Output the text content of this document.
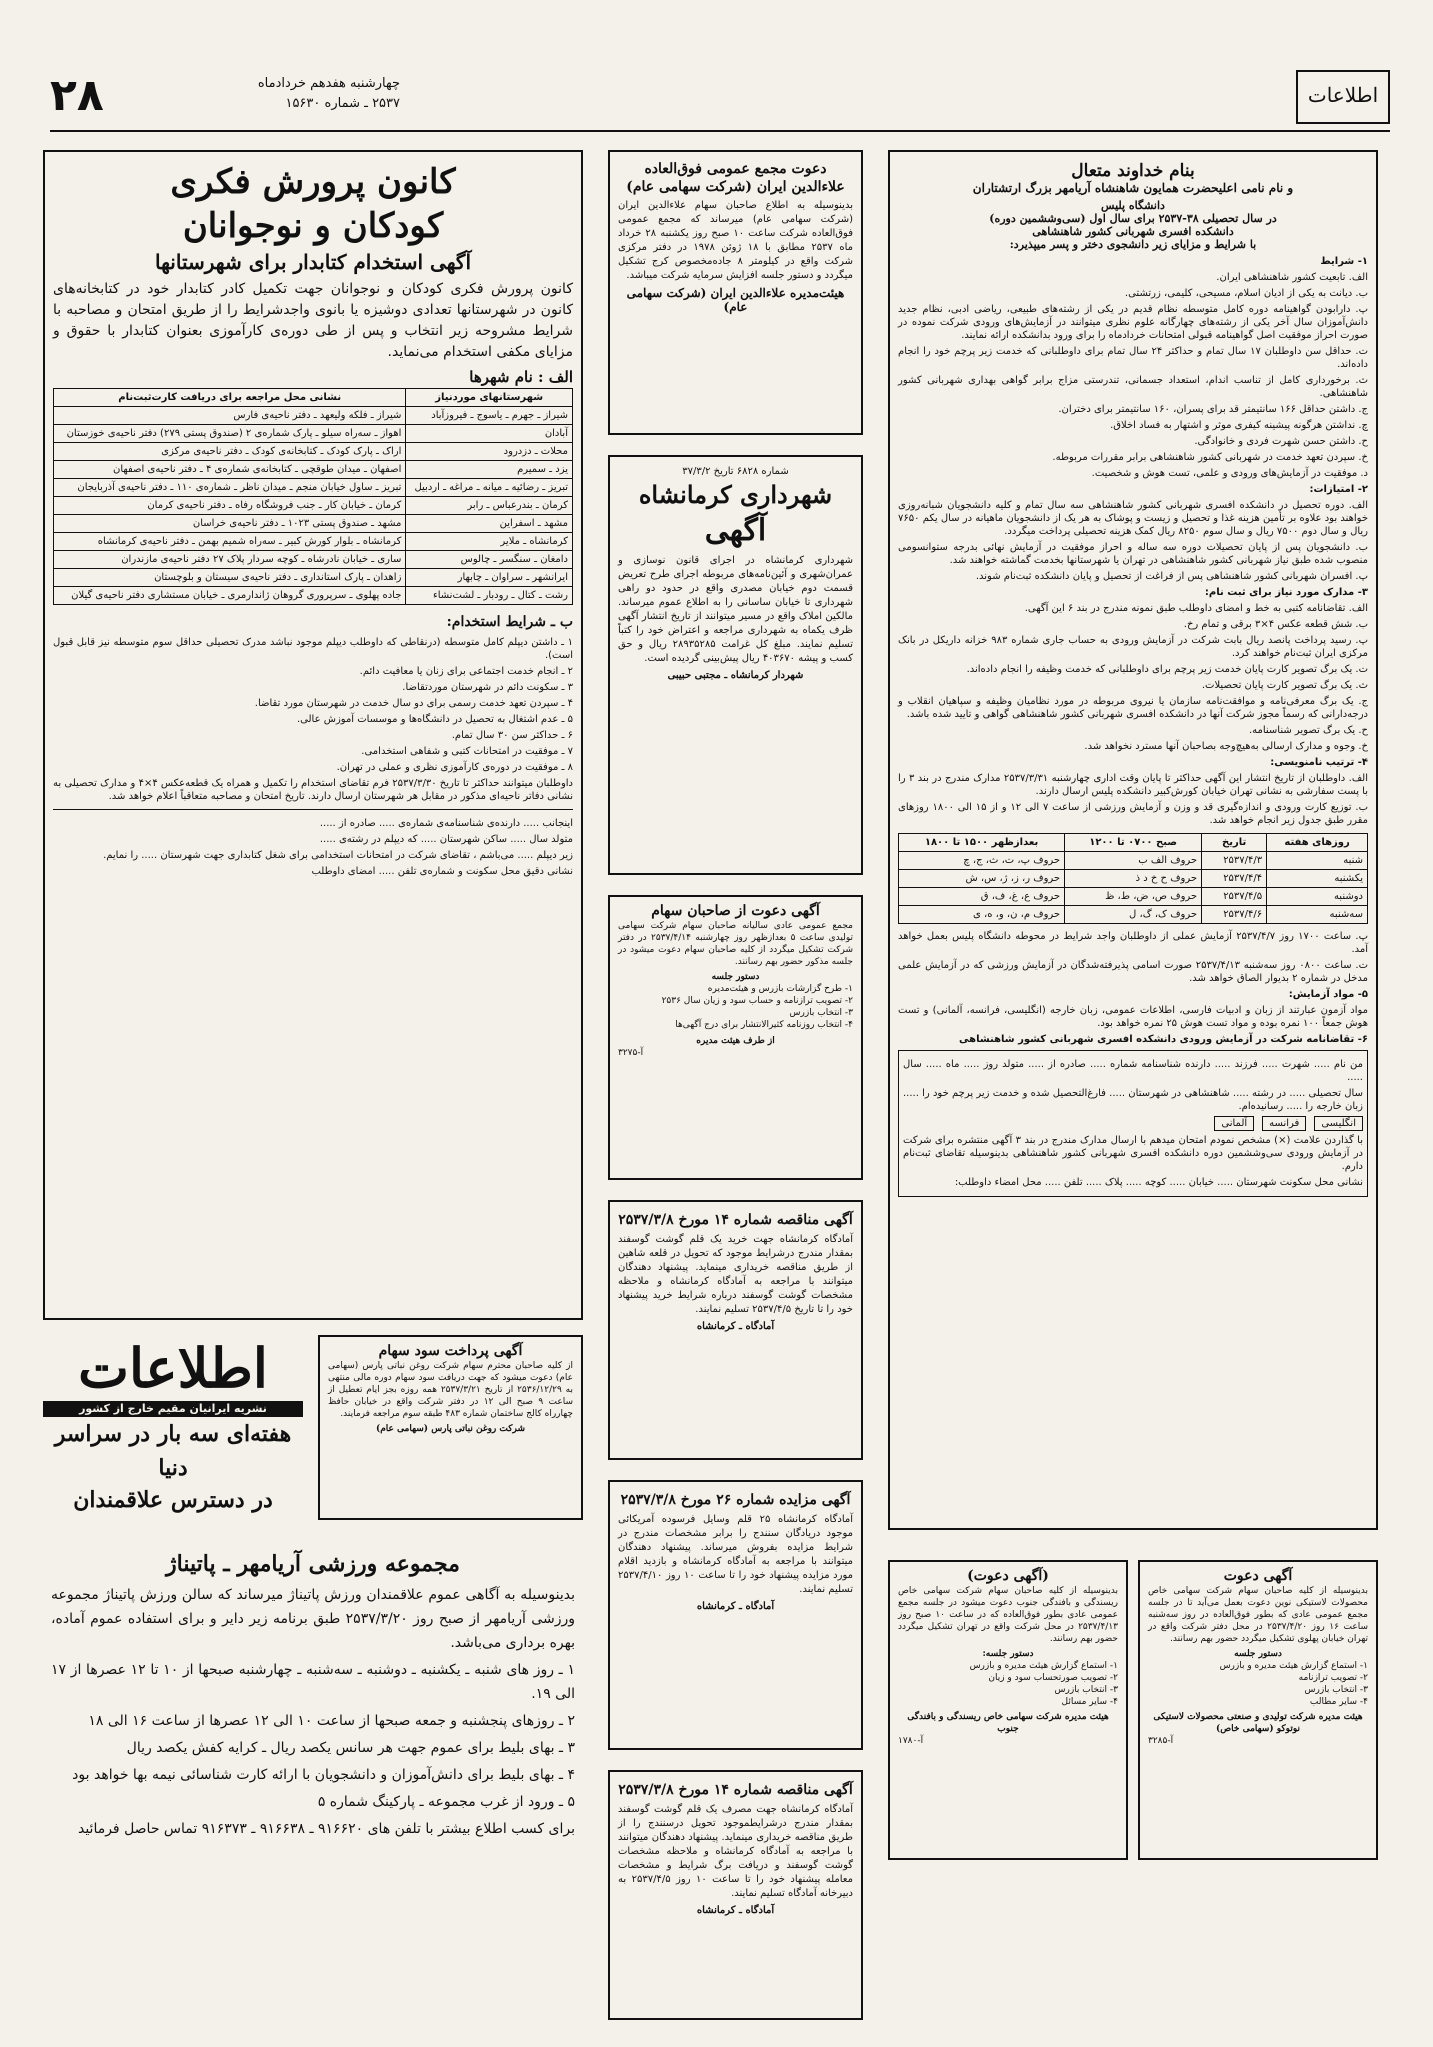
اطلاعات
۲۸	چهارشنبه هفدهم خردادماه
۲۵۳۷ ـ شماره ۱۵۶۳۰
بنام خداوند متعال
و نام نامی اعلیحضرت همایون شاهنشاه آریامهر بزرگ ارتشتاران
دانشگاه پلیس
در سال تحصیلی ۳۸-۲۵۳۷ برای سال اول (سی‌وششمین دوره)
دانشکده افسری شهربانی کشور شاهنشاهی
با شرایط و مزایای زیر دانشجوی دختر و پسر میپذیرد:
۱- شرایط
الف. تابعیت کشور شاهنشاهی ایران.
ب. دیانت به یکی از ادیان اسلام، مسیحی، کلیمی، زرتشتی.
پ. دارابودن گواهینامه دوره کامل متوسطه نظام قدیم در یکی از رشته‌های طبیعی، ریاضی ادبی، نظام جدید دانش‌آموزان سال آخر یکی از رشته‌های چهارگانه علوم نظری میتوانند در آزمایش‌های ورودی شرکت نموده در صورت احراز موفقیت اصل گواهینامه قبولی امتحانات خردادماه را برای ورود بدانشکده ارائه نمایند.
ت. حداقل سن داوطلبان ۱۷ سال تمام و حداکثر ۲۴ سال تمام برای داوطلبانی که خدمت زیر پرچم خود را انجام داده‌اند.
ث. برخورداری کامل از تناسب اندام، استعداد جسمانی، تندرستی مزاج برابر گواهی بهداری شهربانی کشور شاهنشاهی.
ج. داشتن حداقل ۱۶۶ سانتیمتر قد برای پسران، ۱۶۰ سانتیمتر برای دختران.
چ. نداشتن هرگونه پیشینه کیفری موثر و اشتهار به فساد اخلاق.
ح. داشتن حسن شهرت فردی و خانوادگی.
خ. سپردن تعهد خدمت در شهربانی کشور شاهنشاهی برابر مقررات مربوطه.
د. موفقیت در آزمایش‌های ورودی و علمی، تست هوش و شخصیت.
۲- امتیازات:
الف. دوره تحصیل در دانشکده افسری شهربانی کشور شاهنشاهی سه سال تمام و کلیه دانشجویان شبانه‌روزی خواهند بود علاوه بر تأمین هزینه غذا و تحصیل و زیست و پوشاک به هر یک از دانشجویان ماهیانه در سال یکم ۷۶۵۰ ریال و سال دوم ۷۵۰۰ ریال و سال سوم ۸۲۵۰ ریال کمک هزینه تحصیلی پرداخت میگردد.
ب. دانشجویان پس از پایان تحصیلات دوره سه ساله و احراز موفقیت در آزمایش نهائی بدرجه ستوانسومی منصوب شده طبق نیاز شهربانی کشور شاهنشاهی در تهران یا شهرستانها بخدمت گماشته خواهند شد.
پ. افسران شهربانی کشور شاهنشاهی پس از فراغت از تحصیل و پایان دانشکده ثبت‌نام شوند.
۳- مدارک مورد نیاز برای ثبت نام:
الف. تقاضانامه کتبی به خط و امضای داوطلب طبق نمونه مندرج در بند ۶ این آگهی.
ب. شش قطعه عکس ۴×۳ برقی و تمام رخ.
پ. رسید پرداخت پانصد ریال بابت شرکت در آزمایش ورودی به حساب جاری شماره ۹۸۳ خزانه داریکل در بانک مرکزی ایران ثبت‌نام خواهند کرد.
ت. یک برگ تصویر کارت پایان خدمت زیر پرچم برای داوطلبانی که خدمت وظیفه را انجام داده‌اند.
ث. یک برگ تصویر کارت پایان تحصیلات.
ج. یک برگ معرفی‌نامه و موافقت‌نامه سازمان یا نیروی مربوطه در مورد نظامیان وظیفه و سپاهیان انقلاب و درجه‌دارانی که رسماً مجوز شرکت آنها در دانشکده افسری شهربانی کشور شاهنشاهی گواهی و تایید شده باشد.
ح. یک برگ تصویر شناسنامه.
خ. وجوه و مدارک ارسالی به‌هیچ‌وجه بصاحبان آنها مسترد نخواهد شد.
۴- ترتیب نامنویسی:
الف. داوطلبان از تاریخ انتشار این آگهی حداکثر تا پایان وقت اداری چهارشنبه ۲۵۳۷/۳/۳۱ مدارک مندرج در بند ۳ را با پست سفارشی به نشانی تهران خیابان کورش‌کبیر دانشکده پلیس ارسال دارند.
ب. توزیع کارت ورودی و اندازه‌گیری قد و وزن و آزمایش ورزشی از ساعت ۷ الی ۱۲ و از ۱۵ الی ۱۸۰۰ روزهای مقرر طبق جدول زیر انجام خواهد شد.
روزهای هفته	تاریخ	صبح ۰۷۰۰ تا ۱۲۰۰	بعدازظهر ۱۵۰۰ تا ۱۸۰۰
شنبه	۲۵۳۷/۴/۳	حروف الف ب	حروف پ، ت، ث، ج، چ
یکشنبه	۲۵۳۷/۴/۴	حروف ح خ د ذ	حروف ر، ز، ژ، س، ش
دوشنبه	۲۵۳۷/۴/۵	حروف ص، ض، ط، ظ	حروف ع، غ، ف، ق
سه‌شنبه	۲۵۳۷/۴/۶	حروف ک، گ، ل	حروف م، ن، و، ه، ی
پ. ساعت ۱۷۰۰ روز ۲۵۳۷/۴/۷ آزمایش عملی از داوطلبان واجد شرایط در محوطه دانشگاه پلیس بعمل خواهد آمد.
ت. ساعت ۰۸۰۰ روز سه‌شنبه ۲۵۳۷/۴/۱۳ صورت اسامی پذیرفته‌شدگان در آزمایش ورزشی که در آزمایش علمی مدخل در شماره ۲ بدیوار الصاق خواهد شد.
۵- مواد آزمایش:
مواد آزمون عبارتند از زبان و ادبیات فارسی، اطلاعات عمومی، زبان خارجه (انگلیسی، فرانسه، آلمانی) و تست هوش جمعاً ۱۰۰ نمره بوده و مواد تست هوش ۲۵ نمره خواهد بود.
۶- تقاضانامه شرکت در آزمایش ورودی دانشکده افسری شهربانی کشور شاهنشاهی
من نام ..... شهرت ..... فرزند ..... دارنده شناسنامه شماره ..... صادره از ..... متولد روز ..... ماه ..... سال .....
سال تحصیلی ..... در رشته ..... شاهنشاهی در شهرستان ..... فارغ‌التحصیل شده و خدمت زیر پرچم خود را ..... زبان خارجه را ..... رسانیده‌ام.
انگلیسی
فرانسه
آلمانی
با گذاردن علامت (×) مشخص نمودم امتحان میدهم با ارسال مدارک مندرج در بند ۳ آگهی منتشره برای شرکت در آزمایش ورودی سی‌وششمین دوره دانشکده افسری شهربانی کشور شاهنشاهی بدینوسیله تقاضای ثبت‌نام دارم.
نشانی محل سکونت شهرستان ..... خیابان ..... کوچه ..... پلاک ..... تلفن ..... محل امضاء داوطلب:
آگهی دعوت
بدینوسیله از کلیه صاحبان سهام شرکت سهامی خاص محصولات لاستیکی نوین دعوت بعمل می‌آید تا در جلسه مجمع عمومی عادی که بطور فوق‌العاده در روز سه‌شنبه ساعت ۱۶ روز ۲۵۳۷/۴/۲۰ در محل دفتر شرکت واقع در تهران خیابان پهلوی تشکیل میگردد حضور بهم رسانند.
دستور جلسه
۱- استماع گزارش هیئت مدیره و بازرس
۲- تصویب ترازنامه
۳- انتخاب بازرس
۴- سایر مطالب
هیئت مدیره شرکت تولیدی و صنعتی محصولات لاستیکی نوتوکو (سهامی خاص)
آ-۳۲۸۵
(آگهی دعوت)
بدینوسیله از کلیه صاحبان سهام شرکت سهامی خاص ریسندگی و بافندگی جنوب دعوت میشود در جلسه مجمع عمومی عادی بطور فوق‌العاده که در ساعت ۱۰ صبح روز ۲۵۳۷/۴/۱۳ در محل شرکت واقع در تهران تشکیل میگردد حضور بهم رسانند.
دستور جلسه:
۱- استماع گزارش هیئت مدیره و بازرس
۲- تصویب صورتحساب سود و زیان
۳- انتخاب بازرس
۴- سایر مسائل
هیئت مدیره شرکت سهامی خاص ریسندگی و بافندگی جنوب
آ-۱۷۸۰
دعوت مجمع عمومی فوق‌العاده علاءالدین ایران (شرکت سهامی عام)
بدینوسیله به اطلاع صاحبان سهام علاءالدین ایران (شرکت سهامی عام) میرساند که مجمع عمومی فوق‌العاده شرکت ساعت ۱۰ صبح روز یکشنبه ۲۸ خرداد ماه ۲۵۳۷ مطابق با ۱۸ ژوئن ۱۹۷۸ در دفتر مرکزی شرکت واقع در کیلومتر ۸ جاده‌مخصوص کرج تشکیل میگردد و دستور جلسه افزایش سرمایه شرکت میباشد.
هیئت‌مدیره علاءالدین ایران (شرکت سهامی عام)
شماره ۶۸۲۸ تاریخ ۳۷/۳/۲
شهرداری کرمانشاه
آگهی
شهرداری کرمانشاه در اجرای قانون نوسازی و عمران‌شهری و آئین‌نامه‌های مربوطه اجرای طرح تعریض قسمت دوم خیابان مصدری واقع در حدود دو راهی شهرداری تا خیابان ساسانی را به اطلاع عموم میرساند. مالکین املاک واقع در مسیر میتوانند از تاریخ انتشار آگهی ظرف یکماه به شهرداری مراجعه و اعتراض خود را کتباً تسلیم نمایند. مبلغ کل غرامت ۲۸۹۳۵۲۸۵ ریال و حق کسب و پیشه ۴۰۳۶۷۰ ریال پیش‌بینی گردیده است.
شهردار کرمانشاه ـ مجتبی حبیبی
آگهی دعوت از صاحبان سهام
مجمع عمومی عادی سالیانه صاحبان سهام شرکت سهامی تولیدی ساعت ۵ بعدازظهر روز چهارشنبه ۲۵۳۷/۴/۱۴ در دفتر شرکت تشکیل میگردد از کلیه صاحبان سهام دعوت میشود در جلسه مذکور حضور بهم رسانند.
دستور جلسه
۱- طرح گزارشات بازرس و هیئت‌مدیره
۲- تصویب ترازنامه و حساب سود و زیان سال ۲۵۳۶
۳- انتخاب بازرس
۴- انتخاب روزنامه کثیرالانتشار برای درج آگهی‌ها
از طرف هیئت مدیره
آ-۳۲۷۵
آگهی مناقصه شماره ۱۴ مورخ ۲۵۳۷/۳/۸
آمادگاه کرمانشاه جهت خرید یک قلم گوشت گوسفند بمقدار مندرج درشرایط موجود که تحویل در قلعه شاهین از طریق مناقصه خریداری مینماید. پیشنهاد دهندگان میتوانند با مراجعه به آمادگاه کرمانشاه و ملاحظه مشخصات گوشت گوسفند درباره شرایط خرید پیشنهاد خود را تا تاریخ ۲۵۳۷/۴/۵ تسلیم نمایند.
آمادگاه ـ کرمانشاه
آگهی مزایده شماره ۲۶ مورخ ۲۵۳۷/۳/۸
آمادگاه کرمانشاه ۲۵ قلم وسایل فرسوده آمریکائی موجود دریادگان سنندج را برابر مشخصات مندرج در شرایط مزایده بفروش میرساند. پیشنهاد دهندگان میتوانند با مراجعه به آمادگاه کرمانشاه و بازدید اقلام مورد مزایده پیشنهاد خود را تا ساعت ۱۰ روز ۲۵۳۷/۴/۱۰ تسلیم نمایند.
آمادگاه ـ کرمانشاه
آگهی مناقصه شماره ۱۴ مورخ ۲۵۳۷/۳/۸
آمادگاه کرمانشاه جهت مصرف یک قلم گوشت گوسفند بمقدار مندرج درشرایطموجود تحویل درسنندج را از طریق مناقصه خریداری مینماید. پیشنهاد دهندگان میتوانند با مراجعه به آمادگاه کرمانشاه و ملاحظه مشخصات گوشت گوسفند و دریافت برگ شرایط و مشخصات معامله پیشنهاد خود را تا ساعت ۱۰ روز ۲۵۳۷/۴/۵ به دبیرخانه آمادگاه تسلیم نمایند.
آمادگاه ـ کرمانشاه
کانون پرورش فکری
کودکان و نوجوانان
آگهی استخدام کتابدار برای شهرستانها
کانون پرورش فکری کودکان و نوجوانان جهت تکمیل کادر کتابدار خود در کتابخانه‌های کانون در شهرستانها تعدادی دوشیزه یا بانوی واجدشرایط را از طریق امتحان و مصاحبه با شرایط مشروحه زیر انتخاب و پس از طی دوره‌ی کارآموزی بعنوان کتابدار با حقوق و مزایای مکفی استخدام می‌نماید.
الف : نام شهرها
شهرستانهای موردنیاز	نشانی محل مراجعه برای دریافت کارت‌ثبت‌نام
شیراز ـ جهرم ـ یاسوج ـ فیروزآباد	شیراز ـ فلکه ولیعهد ـ دفتر ناحیه‌ی فارس
آبادان	اهواز ـ سه‌راه سیلو ـ پارک شماره‌ی ۲ (صندوق پستی ۲۷۹) دفتر ناحیه‌ی خوزستان
محلات ـ دزدرود	اراک ـ پارک کودک ـ کتابخانه‌ی کودک ـ دفتر ناحیه‌ی مرکزی
یزد ـ سمیرم	اصفهان ـ میدان طوقچی ـ کتابخانه‌ی شماره‌ی ۴ ـ دفتر ناحیه‌ی اصفهان
تبریز ـ رضائیه ـ میانه ـ مراغه ـ اردبیل	تبریز ـ ساول خیابان منجم ـ میدان ناظر ـ شماره‌ی ۱۱۰ ـ دفتر ناحیه‌ی آذربایجان
کرمان ـ بندرعباس ـ رابر	کرمان ـ خیابان کار ـ جنب فروشگاه رفاه ـ دفتر ناحیه‌ی کرمان
مشهد ـ اسفراین	مشهد ـ صندوق پستی ۱۰۲۳ ـ دفتر ناحیه‌ی خراسان
کرمانشاه ـ ملایر	کرمانشاه ـ بلوار کورش کبیر ـ سه‌راه شمیم بهمن ـ دفتر ناحیه‌ی کرمانشاه
دامغان ـ سنگسر ـ چالوس	ساری ـ خیابان نادرشاه ـ کوچه سردار پلاک ۲۷ دفتر ناحیه‌ی مازندران
ایرانشهر ـ سراوان ـ چابهار	زاهدان ـ پارک استانداری ـ دفتر ناحیه‌ی سیستان و بلوچستان
رشت ـ کتال ـ رودبار ـ لشت‌نشاء	جاده پهلوی ـ سرپروری گروهان ژاندارمری ـ خیابان مستشاری دفتر ناحیه‌ی گیلان
ب ـ شرایط استخدام:
۱ ـ داشتن دیپلم کامل متوسطه (درنقاطی که داوطلب دیپلم موجود نباشد مدرک تحصیلی حداقل سوم متوسطه نیز قابل قبول است).
۲ ـ انجام خدمت اجتماعی برای زنان یا معافیت دائم.
۳ ـ سکونت دائم در شهرستان موردتقاضا.
۴ ـ سپردن تعهد خدمت رسمی برای دو سال خدمت در شهرستان مورد تقاضا.
۵ ـ عدم اشتغال به تحصیل در دانشگاه‌ها و موسسات آموزش عالی.
۶ ـ حداکثر سن ۳۰ سال تمام.
۷ ـ موفقیت در امتحانات کتبی و شفاهی استخدامی.
۸ ـ موفقیت در دوره‌ی کارآموزی نظری و عملی در تهران.
داوطلبان میتوانند حداکثر تا تاریخ ۲۵۳۷/۳/۳۰ فرم تقاضای استخدام را تکمیل و همراه یک قطعه‌عکس ۴×۴ و مدارک تحصیلی به نشانی دفاتر ناحیه‌ای مذکور در مقابل هر شهرستان ارسال دارند. تاریخ امتحان و مصاحبه متعاقباً اعلام خواهد شد.
اینجانب ..... دارنده‌ی شناسنامه‌ی شماره‌ی ..... صادره از .....
متولد سال ..... ساکن شهرستان ..... که دیپلم در رشته‌ی .....
زیر دیپلم ..... می‌باشم ، تقاضای شرکت در امتحانات استخدامی برای شغل کتابداری جهت شهرستان ..... را نمایم.
نشانی دقیق محل سکونت و شماره‌ی تلفن ..... امضای داوطلب
آگهی پرداخت سود سهام
از کلیه صاحبان محترم سهام شرکت روغن نباتی پارس (سهامی عام) دعوت میشود که جهت دریافت سود سهام دوره مالی منتهی به ۲۵۳۶/۱۲/۲۹ از تاریخ ۲۵۳۷/۳/۲۱ همه روزه بجز ایام تعطیل از ساعت ۹ صبح الی ۱۲ در دفتر شرکت واقع در خیابان حافظ چهارراه کالج ساختمان شماره ۴۸۳ طبقه سوم مراجعه فرمایند.
شرکت روغن نباتی پارس (سهامی عام)
اطلاعات
نشریه ایرانیان مقیم خارج از کشور
هفته‌ای سه بار در سراسر دنیا
در دسترس علاقمندان
مجموعه ورزشی آریامهر ـ پاتیناژ
بدینوسیله به آگاهی عموم علاقمندان ورزش پاتیناژ میرساند که سالن ورزش پاتیناژ مجموعه ورزشی آریامهر از صبح روز ۲۵۳۷/۳/۲۰ طبق برنامه زیر دایر و برای استفاده عموم آماده، بهره برداری می‌باشد.
۱ ـ روز های شنبه ـ یکشنبه ـ دوشنبه ـ سه‌شنبه ـ چهارشنبه صبحها از ۱۰ تا ۱۲ عصرها از ۱۷ الی ۱۹.
۲ ـ روزهای پنجشنبه و جمعه صبحها از ساعت ۱۰ الی ۱۲ عصرها از ساعت ۱۶ الی ۱۸
۳ ـ بهای بلیط برای عموم جهت هر سانس یکصد ریال ـ کرایه کفش یکصد ریال
۴ ـ بهای بلیط برای دانش‌آموزان و دانشجویان با ارائه کارت شناسائی نیمه بها خواهد بود
۵ ـ ورود از غرب مجموعه ـ پارکینگ شماره ۵
برای کسب اطلاع بیشتر با تلفن های ۹۱۶۶۲۰ ـ ۹۱۶۶۳۸ ـ ۹۱۶۳۷۳ تماس حاصل فرمائید
